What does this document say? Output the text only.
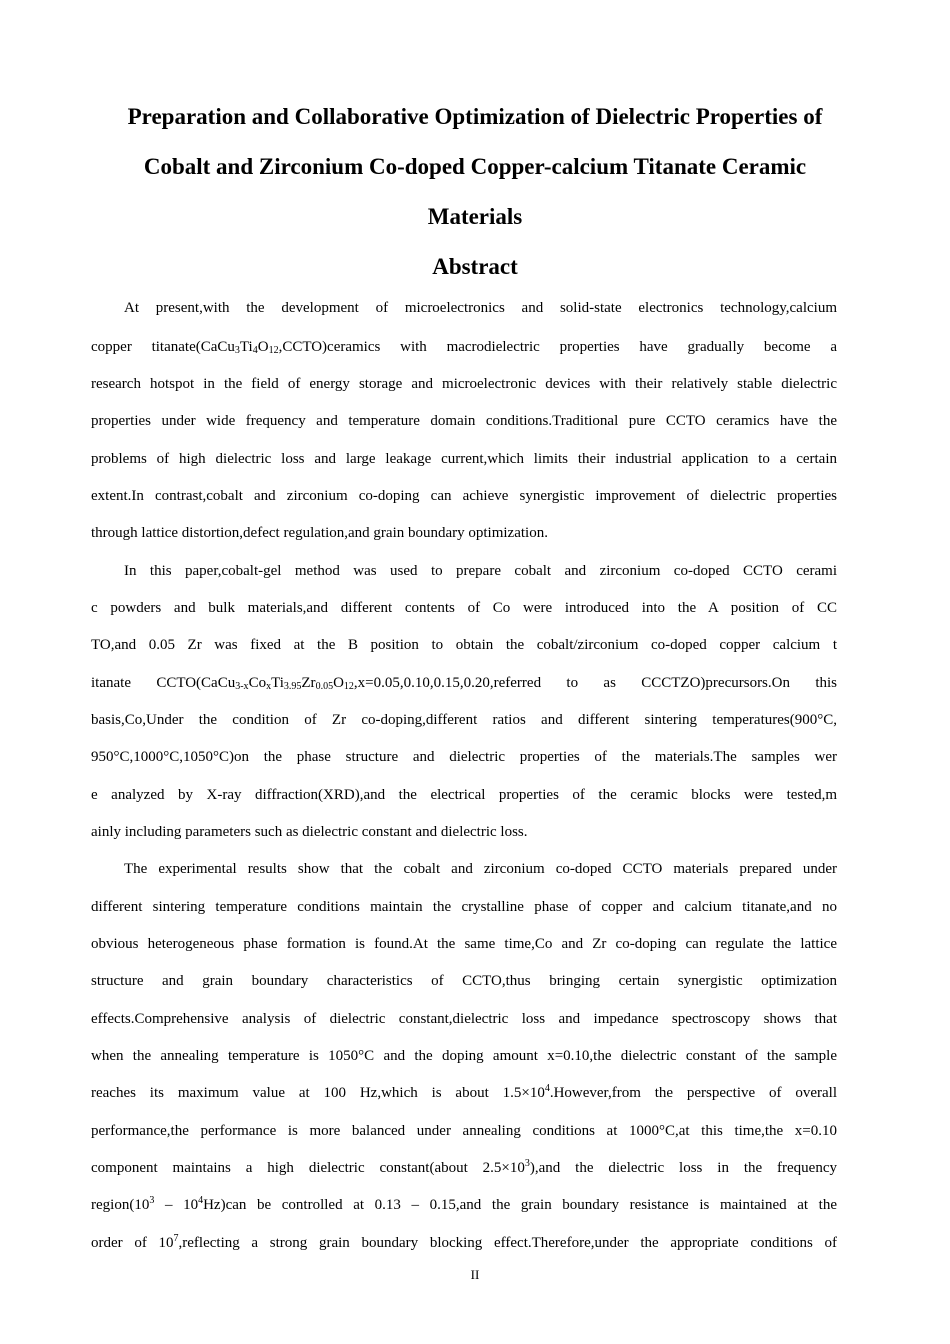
Preparation and Collaborative Optimization of Dielectric Properties of
Cobalt and Zirconium Co-doped Copper-calcium Titanate Ceramic
Materials
Abstract
At present,with the development of microelectronics and solid-state electronics technology,calcium
copper $titanate(CaCu_3Ti_4O_{12},CCTO)ceramics$ with macrodielectric properties have gradually become a
research hotspot in the field of energy storage and microelectronic devices with their relatively stable dielectric
properties under wide frequency and temperature domain conditions.Traditional pure CCTO ceramics have the
problems of high dielectric loss and large leakage current,which limits their industrial application to a certain
extent.In contrast,cobalt and zirconium co-doping can achieve synergistic improvement of dielectric properties
through lattice distortion,defect regulation,and grain boundary optimization.
In this paper,cobalt-gel method was used to prepare cobalt and zirconium co-doped CCTO cerami
c powders and bulk materials,and different contents of Co were introduced into the A position of CC
TO,and 0.05 Zr was fixed at the B position to obtain the cobalt/zirconium co-doped copper calcium t
itanate $CCTO(CaCu_{3-x}Co_xTi_{3.95}Zr_{0.05}O_{12},x=0.05,0.10,0.15,0.20,referred$ to as CCCTZO)precursors.On this
basis,Co,Under the condition of Zr co-doping,different ratios and different sintering temperatures(900°C,
950°C,1000°C,1050°C)on the phase structure and dielectric properties of the materials.The samples wer
e analyzed by X-ray diffraction(XRD),and the electrical properties of the ceramic blocks were tested,m
ainly including parameters such as dielectric constant and dielectric loss.
The experimental results show that the cobalt and zirconium co-doped CCTO materials prepared under
different sintering temperature conditions maintain the crystalline phase of copper and calcium titanate,and no
obvious heterogeneous phase formation is found.At the same time,Co and Zr co-doping can regulate the lattice
structure and grain boundary characteristics of CCTO,thus bringing certain synergistic optimization
effects.Comprehensive analysis of dielectric constant,dielectric loss and impedance spectroscopy shows that
when the annealing temperature is 1050°C and the doping amount x=0.10,the dielectric constant of the sample
reaches its maximum value at 100 Hz,which is about $1.5\times 10^4.However,from$ the perspective of overall
performance,the performance is more balanced under annealing conditions at 1000°C,at this time,the x=0.10
component maintains a high dielectric constant(about $2.5\times 10^3),and$ the dielectric loss in the frequency
$region(10^3 - 10^4Hz)can$ be controlled at 0.13 – 0.15,and the grain boundary resistance is maintained at the
order of $10^7,reflecting$ a strong grain boundary blocking effect.Therefore,under the appropriate conditions of
II
